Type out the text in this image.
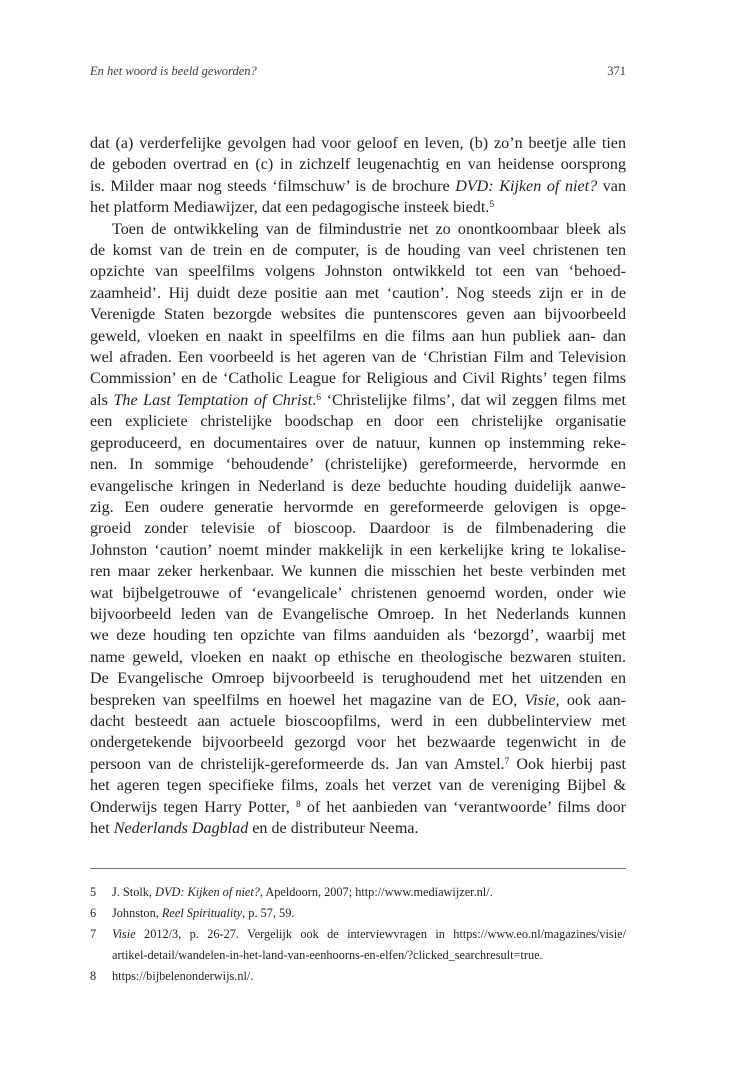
En het woord is beeld geworden?	371
dat (a) verderfelijke gevolgen had voor geloof en leven, (b) zo’n beetje alle tien
de geboden overtrad en (c) in zichzelf leugenachtig en van heidense oorsprong
is. Milder maar nog steeds ‘filmschuw’ is de brochure DVD: Kijken of niet? van
het platform Mediawijzer, dat een pedagogische insteek biedt.$^5$
Toen de ontwikkeling van de filmindustrie net zo onontkoombaar bleek als
de komst van de trein en de computer, is de houding van veel christenen ten
opzichte van speelfilms volgens Johnston ontwikkeld tot een van ‘behoed-
zaamheid’. Hij duidt deze positie aan met ‘caution’. Nog steeds zijn er in de
Verenigde Staten bezorgde websites die puntenscores geven aan bijvoorbeeld
geweld, vloeken en naakt in speelfilms en die films aan hun publiek aan- dan
wel afraden. Een voorbeeld is het ageren van de ‘Christian Film and Television
Commission’ en de ‘Catholic League for Religious and Civil Rights’ tegen films
als The Last Temptation of Christ.$^6$ ‘Christelijke films’, dat wil zeggen films met
een expliciete christelijke boodschap en door een christelijke organisatie
geproduceerd, en documentaires over de natuur, kunnen op instemming reke-
nen. In sommige ‘behoudende’ (christelijke) gereformeerde, hervormde en
evangelische kringen in Nederland is deze beduchte houding duidelijk aanwe-
zig. Een oudere generatie hervormde en gereformeerde gelovigen is opge-
groeid zonder televisie of bioscoop. Daardoor is de filmbenadering die
Johnston ‘caution’ noemt minder makkelijk in een kerkelijke kring te lokalise-
ren maar zeker herkenbaar. We kunnen die misschien het beste verbinden met
wat bijbelgetrouwe of ‘evangelicale’ christenen genoemd worden, onder wie
bijvoorbeeld leden van de Evangelische Omroep. In het Nederlands kunnen
we deze houding ten opzichte van films aanduiden als ‘bezorgd’, waarbij met
name geweld, vloeken en naakt op ethische en theologische bezwaren stuiten.
De Evangelische Omroep bijvoorbeeld is terughoudend met het uitzenden en
bespreken van speelfilms en hoewel het magazine van de EO, Visie, ook aan-
dacht besteedt aan actuele bioscoopfilms, werd in een dubbelinterview met
ondergetekende bijvoorbeeld gezorgd voor het bezwaarde tegenwicht in de
persoon van de christelijk-gereformeerde ds. Jan van Amstel.$^7$ Ook hierbij past
het ageren tegen specifieke films, zoals het verzet van de vereniging Bijbel &
Onderwijs tegen Harry Potter, $^8$ of het aanbieden van ‘verantwoorde’ films door
het Nederlands Dagblad en de distributeur Neema.
5	J. Stolk, DVD: Kijken of niet?, Apeldoorn, 2007; http://www.mediawijzer.nl/.
6	Johnston, Reel Spirituality, p. 57, 59.
7	Visie 2012/3, p. 26-27. Vergelijk ook de interviewvragen in https://www.eo.nl/magazines/visie/
artikel-detail/wandelen-in-het-land-van-eenhoorns-en-elfen/?clicked_searchresult=true.
8	https://bijbelenonderwijs.nl/.
